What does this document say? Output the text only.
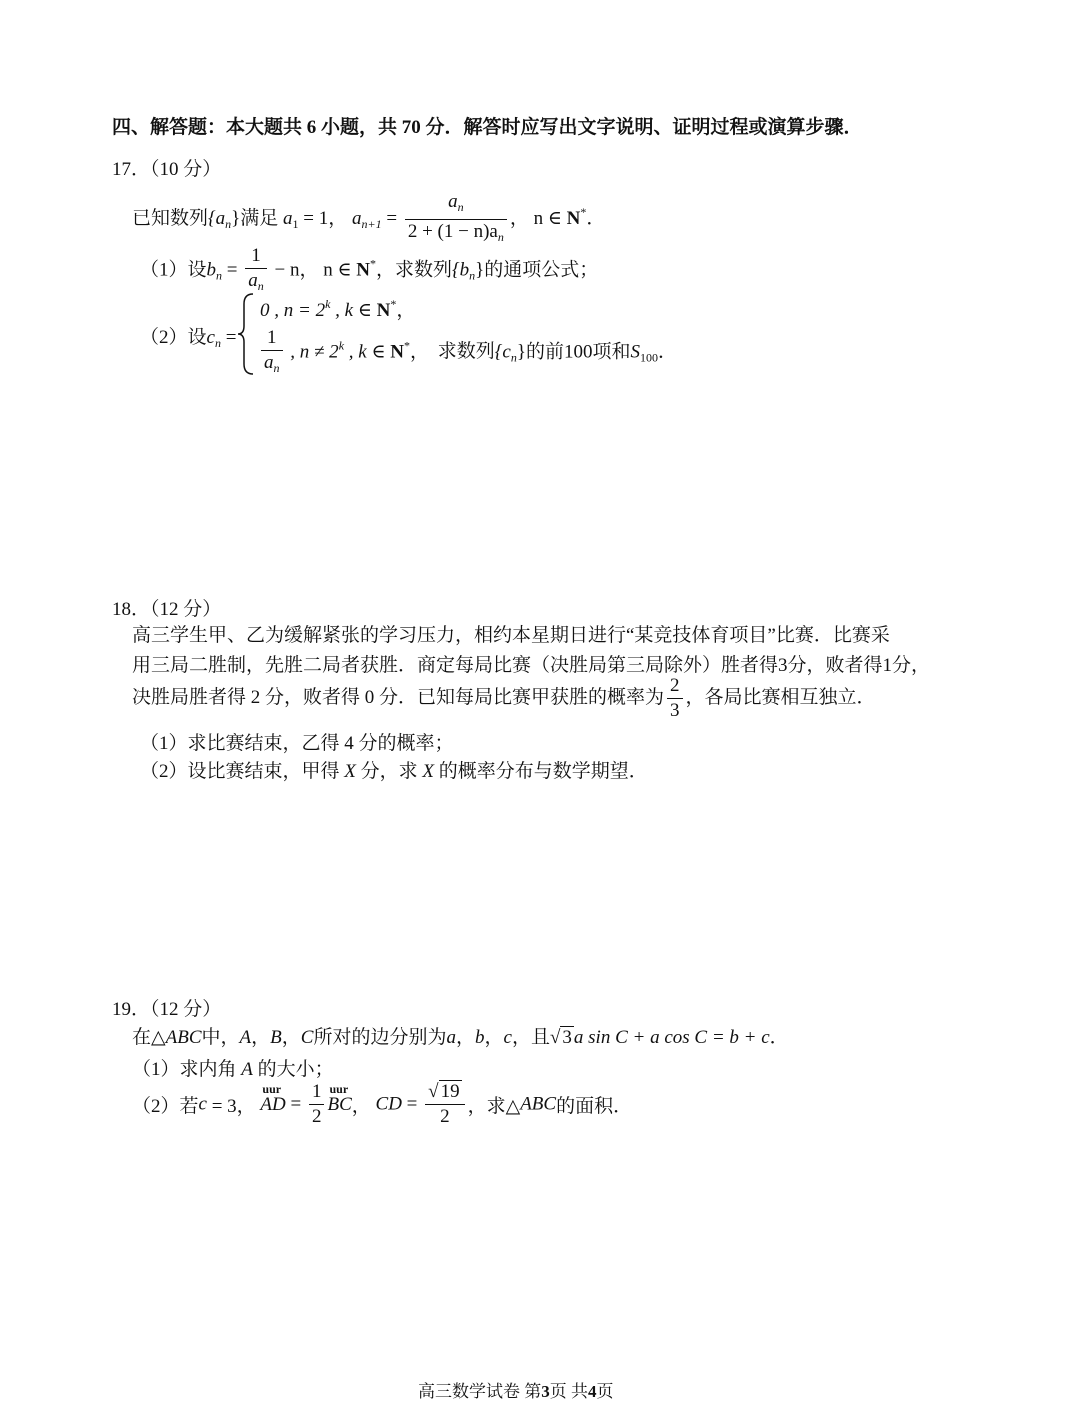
四、解答题：本大题共 6 小题，共 70 分．解答时应写出文字说明、证明过程或演算步骤．
17．（10 分）
已知数列$\{a_n\}$满足 $a_1 = 1$， $a_{n+1} = \frac{a_n}{2 + (1 - n)a_n}$ ， n ∈ N*．
（1）设$b_n = \frac{1}{a_n} - n$， n ∈ N*，求数列$\{b_n\}$的通项公式；
（2）设$c_n$ =
0 , $n = 2^k$ , k ∈ N*，
$\frac{1}{a_n}$ , $n \ne 2^k$ , k ∈ N*， 求数列$\{c_n\}$的前100项和$S_{100}$．
18．（12 分）
高三学生甲、乙为缓解紧张的学习压力，相约本星期日进行“某竞技体育项目”比赛．比赛采
用三局二胜制，先胜二局者获胜．商定每局比赛（决胜局第三局除外）胜者得3分，败者得1分，
决胜局胜者得 2 分，败者得 0 分．已知每局比赛甲获胜的概率为 $\frac{2}{3}$ ，各局比赛相互独立．
（1）求比赛结束，乙得 4 分的概率；
（2）设比赛结束，甲得 X 分，求 X 的概率分布与数学期望．
19．（12 分）
在△ABC中，A，B，C所对的边分别为a，b，c，且√ 3 a sin C + a cos C = b + c．
（1）求内角 A 的大小；
（2）若c = 3，
uur
AD = $\frac{1}{2}$ uur
BC， CD = $\frac{√ 19}{2}$ ，求△ABC的面积．
高三数学试卷 第3页 共4页
